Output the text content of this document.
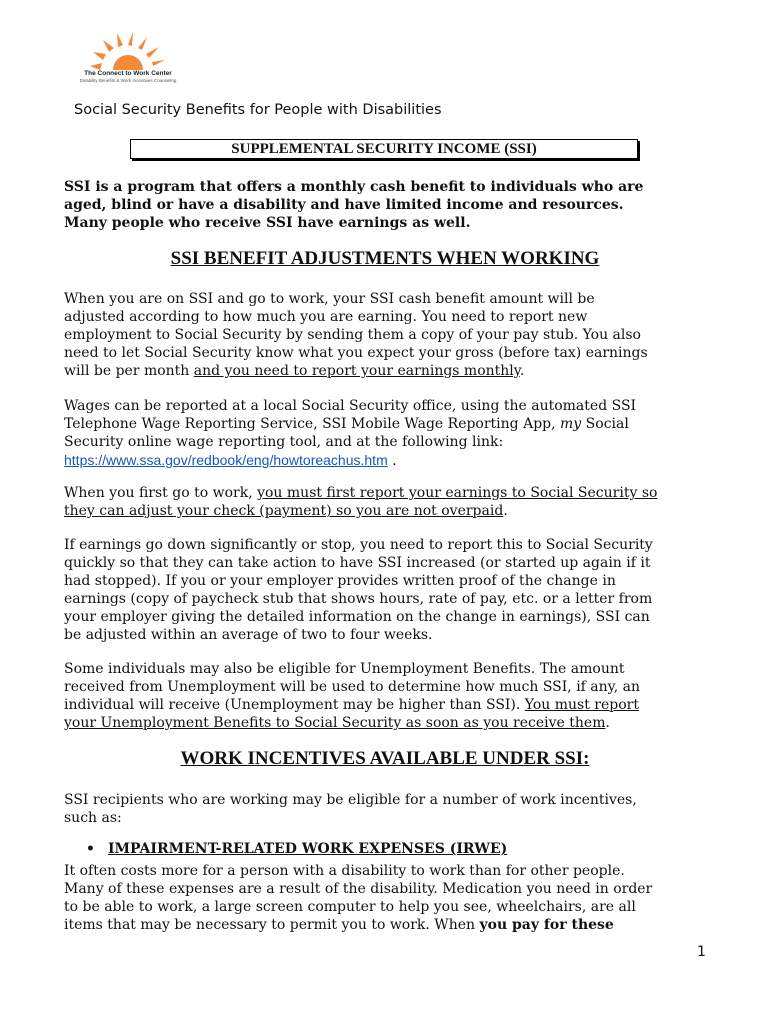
The Connect to Work Center
Disability Benefits & Work Incentives Counseling
Social Security Benefits for People with Disabilities
SUPPLEMENTAL SECURITY INCOME (SSI)

SSI is a program that offers a monthly cash benefit to individuals who are
aged, blind or have a disability and have limited income and resources.
Many people who receive SSI have earnings as well.

SSI BENEFIT ADJUSTMENTS WHEN WORKING

When you are on SSI and go to work, your SSI cash benefit amount will be
adjusted according to how much you are earning. You need to report new
employment to Social Security by sending them a copy of your pay stub. You also
need to let Social Security know what you expect your gross (before tax) earnings
will be per month and you need to report your earnings monthly.

Wages can be reported at a local Social Security office, using the automated SSI
Telephone Wage Reporting Service, SSI Mobile Wage Reporting App, my Social
Security online wage reporting tool, and at the following link:
https://www.ssa.gov/redbook/eng/howtoreachus.htm .

When you first go to work, you must first report your earnings to Social Security so
they can adjust your check (payment) so you are not overpaid.

If earnings go down significantly or stop, you need to report this to Social Security
quickly so that they can take action to have SSI increased (or started up again if it
had stopped). If you or your employer provides written proof of the change in
earnings (copy of paycheck stub that shows hours, rate of pay, etc. or a letter from
your employer giving the detailed information on the change in earnings), SSI can
be adjusted within an average of two to four weeks.

Some individuals may also be eligible for Unemployment Benefits. The amount
received from Unemployment will be used to determine how much SSI, if any, an
individual will receive (Unemployment may be higher than SSI). You must report
your Unemployment Benefits to Social Security as soon as you receive them.

WORK INCENTIVES AVAILABLE UNDER SSI:

SSI recipients who are working may be eligible for a number of work incentives,
such as:

• IMPAIRMENT-RELATED WORK EXPENSES (IRWE)

It often costs more for a person with a disability to work than for other people.
Many of these expenses are a result of the disability. Medication you need in order
to be able to work, a large screen computer to help you see, wheelchairs, are all
items that may be necessary to permit you to work. When you pay for these

1
